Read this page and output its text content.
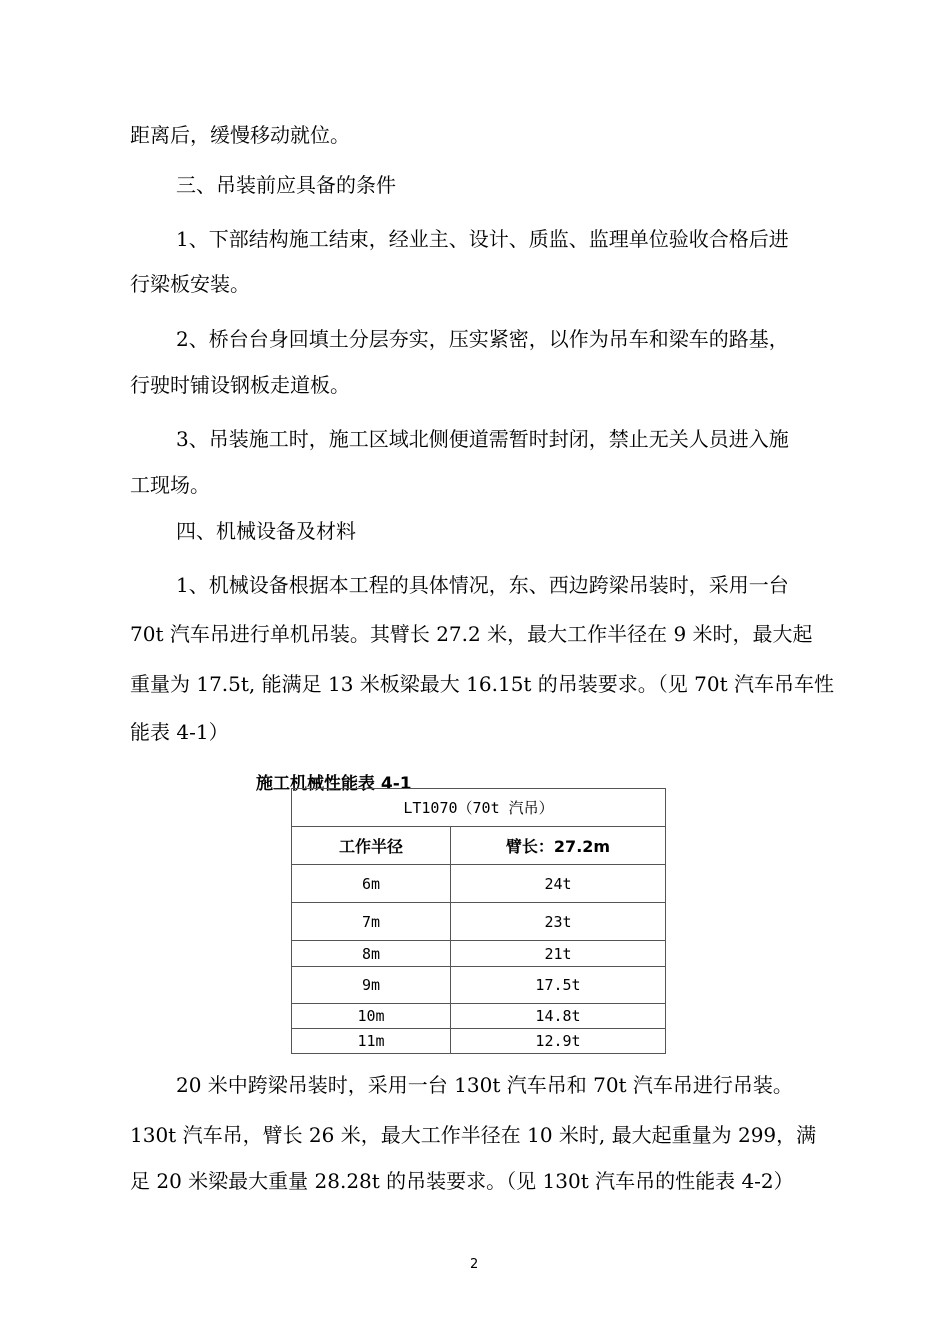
距离后，缓慢移动就位。
三、吊装前应具备的条件
1、下部结构施工结束，经业主、设计、质监、监理单位验收合格后进
行梁板安装。
2、桥台台身回填土分层夯实，压实紧密，以作为吊车和梁车的路基，
行驶时铺设钢板走道板。
3、吊装施工时，施工区域北侧便道需暂时封闭，禁止无关人员进入施
工现场。
四、机械设备及材料
1、机械设备根据本工程的具体情况，东、西边跨梁吊装时，采用一台
70t 汽车吊进行单机吊装。其臂长 27.2 米，最大工作半径在 9 米时，最大起
重量为 17.5t, 能满足 13 米板梁最大 16.15t 的吊装要求。（见 70t 汽车吊车性
能表 4-1）
施工机械性能表 4-1
LT1070（70t 汽吊）	
工作半径	臂长：27.2m
6m	24t
7m	23t
8m	21t
9m	17.5t
10m	14.8t
11m	12.9t
20 米中跨梁吊装时，采用一台 130t 汽车吊和 70t 汽车吊进行吊装。
130t 汽车吊，臂长 26 米，最大工作半径在 10 米时, 最大起重量为 299，满
足 20 米梁最大重量 28.28t 的吊装要求。（见 130t 汽车吊的性能表 4-2）
2
